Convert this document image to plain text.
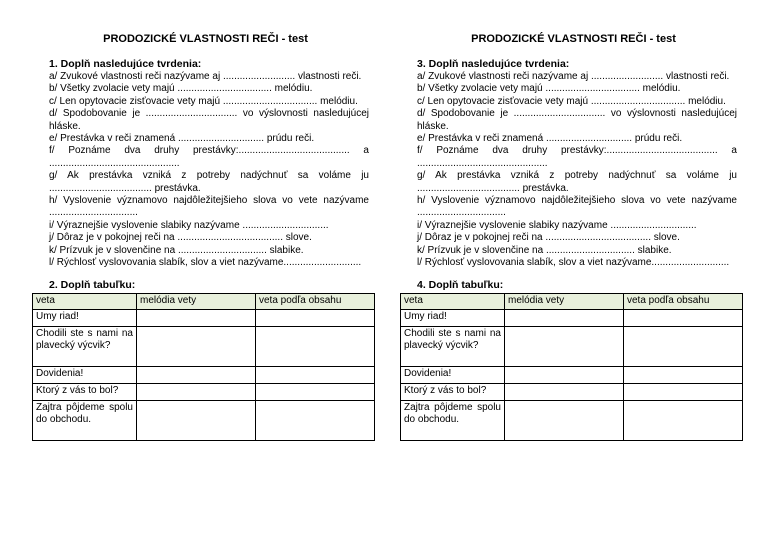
PRODOZICKÉ VLASTNOSTI REČI - test
1. Doplň nasledujúce tvrdenia:
a/ Zvukové vlastnosti reči nazývame aj .......................... vlastnosti reči.
b/ Všetky zvolacie vety majú .................................. melódiu.
c/ Len opytovacie zisťovacie vety majú .................................. melódiu.
d/ Spodobovanie je ................................. vo výslovnosti nasledujúcej hláske.
e/ Prestávka v reči znamená ............................... prúdu reči.
f/ Poznáme dva druhy prestávky:........................................ a ...............................................
g/ Ak prestávka vzniká z potreby nadýchnuť sa voláme ju ..................................... prestávka.
h/ Vyslovenie významovo najdôležitejšieho slova vo vete nazývame ................................
i/ Výraznejšie vyslovenie slabiky nazývame ...............................
j/ Dôraz je v pokojnej reči na ...................................... slove.
k/ Prízvuk je v slovenčine na ................................ slabike.
l/ Rýchlosť vyslovovania slabík, slov a viet nazývame............................
2. Doplň tabuľku:
veta	melódia vety	veta podľa obsahu
Umy riad!		
Chodili ste s nami na plavecký výcvik?		
Dovidenia!		
Ktorý z vás to bol?		
Zajtra pôjdeme spolu do obchodu.		
PRODOZICKÉ VLASTNOSTI REČI - test
3. Doplň nasledujúce tvrdenia:
a/ Zvukové vlastnosti reči nazývame aj .......................... vlastnosti reči.
b/ Všetky zvolacie vety majú .................................. melódiu.
c/ Len opytovacie zisťovacie vety majú .................................. melódiu.
d/ Spodobovanie je ................................. vo výslovnosti nasledujúcej hláske.
e/ Prestávka v reči znamená ............................... prúdu reči.
f/ Poznáme dva druhy prestávky:........................................ a ...............................................
g/ Ak prestávka vzniká z potreby nadýchnuť sa voláme ju ..................................... prestávka.
h/ Vyslovenie významovo najdôležitejšieho slova vo vete nazývame ................................
i/ Výraznejšie vyslovenie slabiky nazývame ...............................
j/ Dôraz je v pokojnej reči na ...................................... slove.
k/ Prízvuk je v slovenčine na ................................ slabike.
l/ Rýchlosť vyslovovania slabík, slov a viet nazývame............................
4. Doplň tabuľku:
veta	melódia vety	veta podľa obsahu
Umy riad!		
Chodili ste s nami na plavecký výcvik?		
Dovidenia!		
Ktorý z vás to bol?		
Zajtra pôjdeme spolu do obchodu.		
